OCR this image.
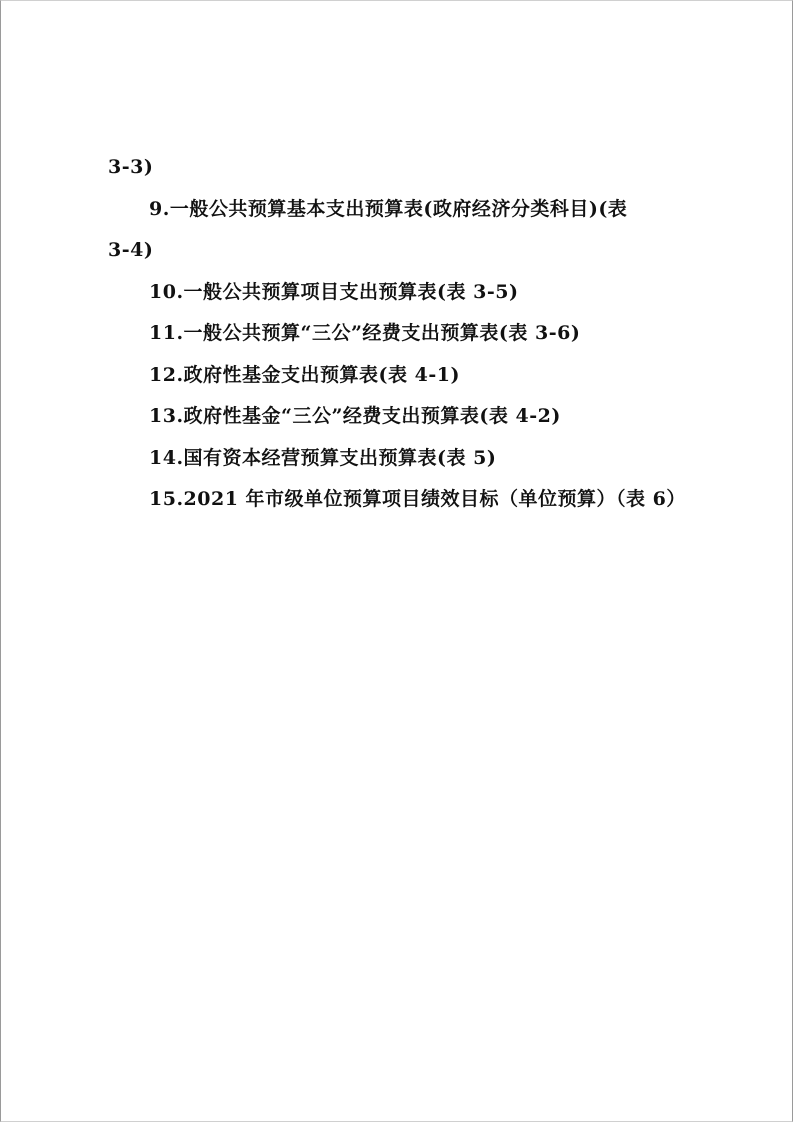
3-3)
9.一般公共预算基本支出预算表(政府经济分类科目)(表
3-4)
10.一般公共预算项目支出预算表(表 3-5)
11.一般公共预算“三公”经费支出预算表(表 3-6)
12.政府性基金支出预算表(表 4-1)
13.政府性基金“三公”经费支出预算表(表 4-2)
14.国有资本经营预算支出预算表(表 5)
15.2021 年市级单位预算项目绩效目标（单位预算）（表 6）
